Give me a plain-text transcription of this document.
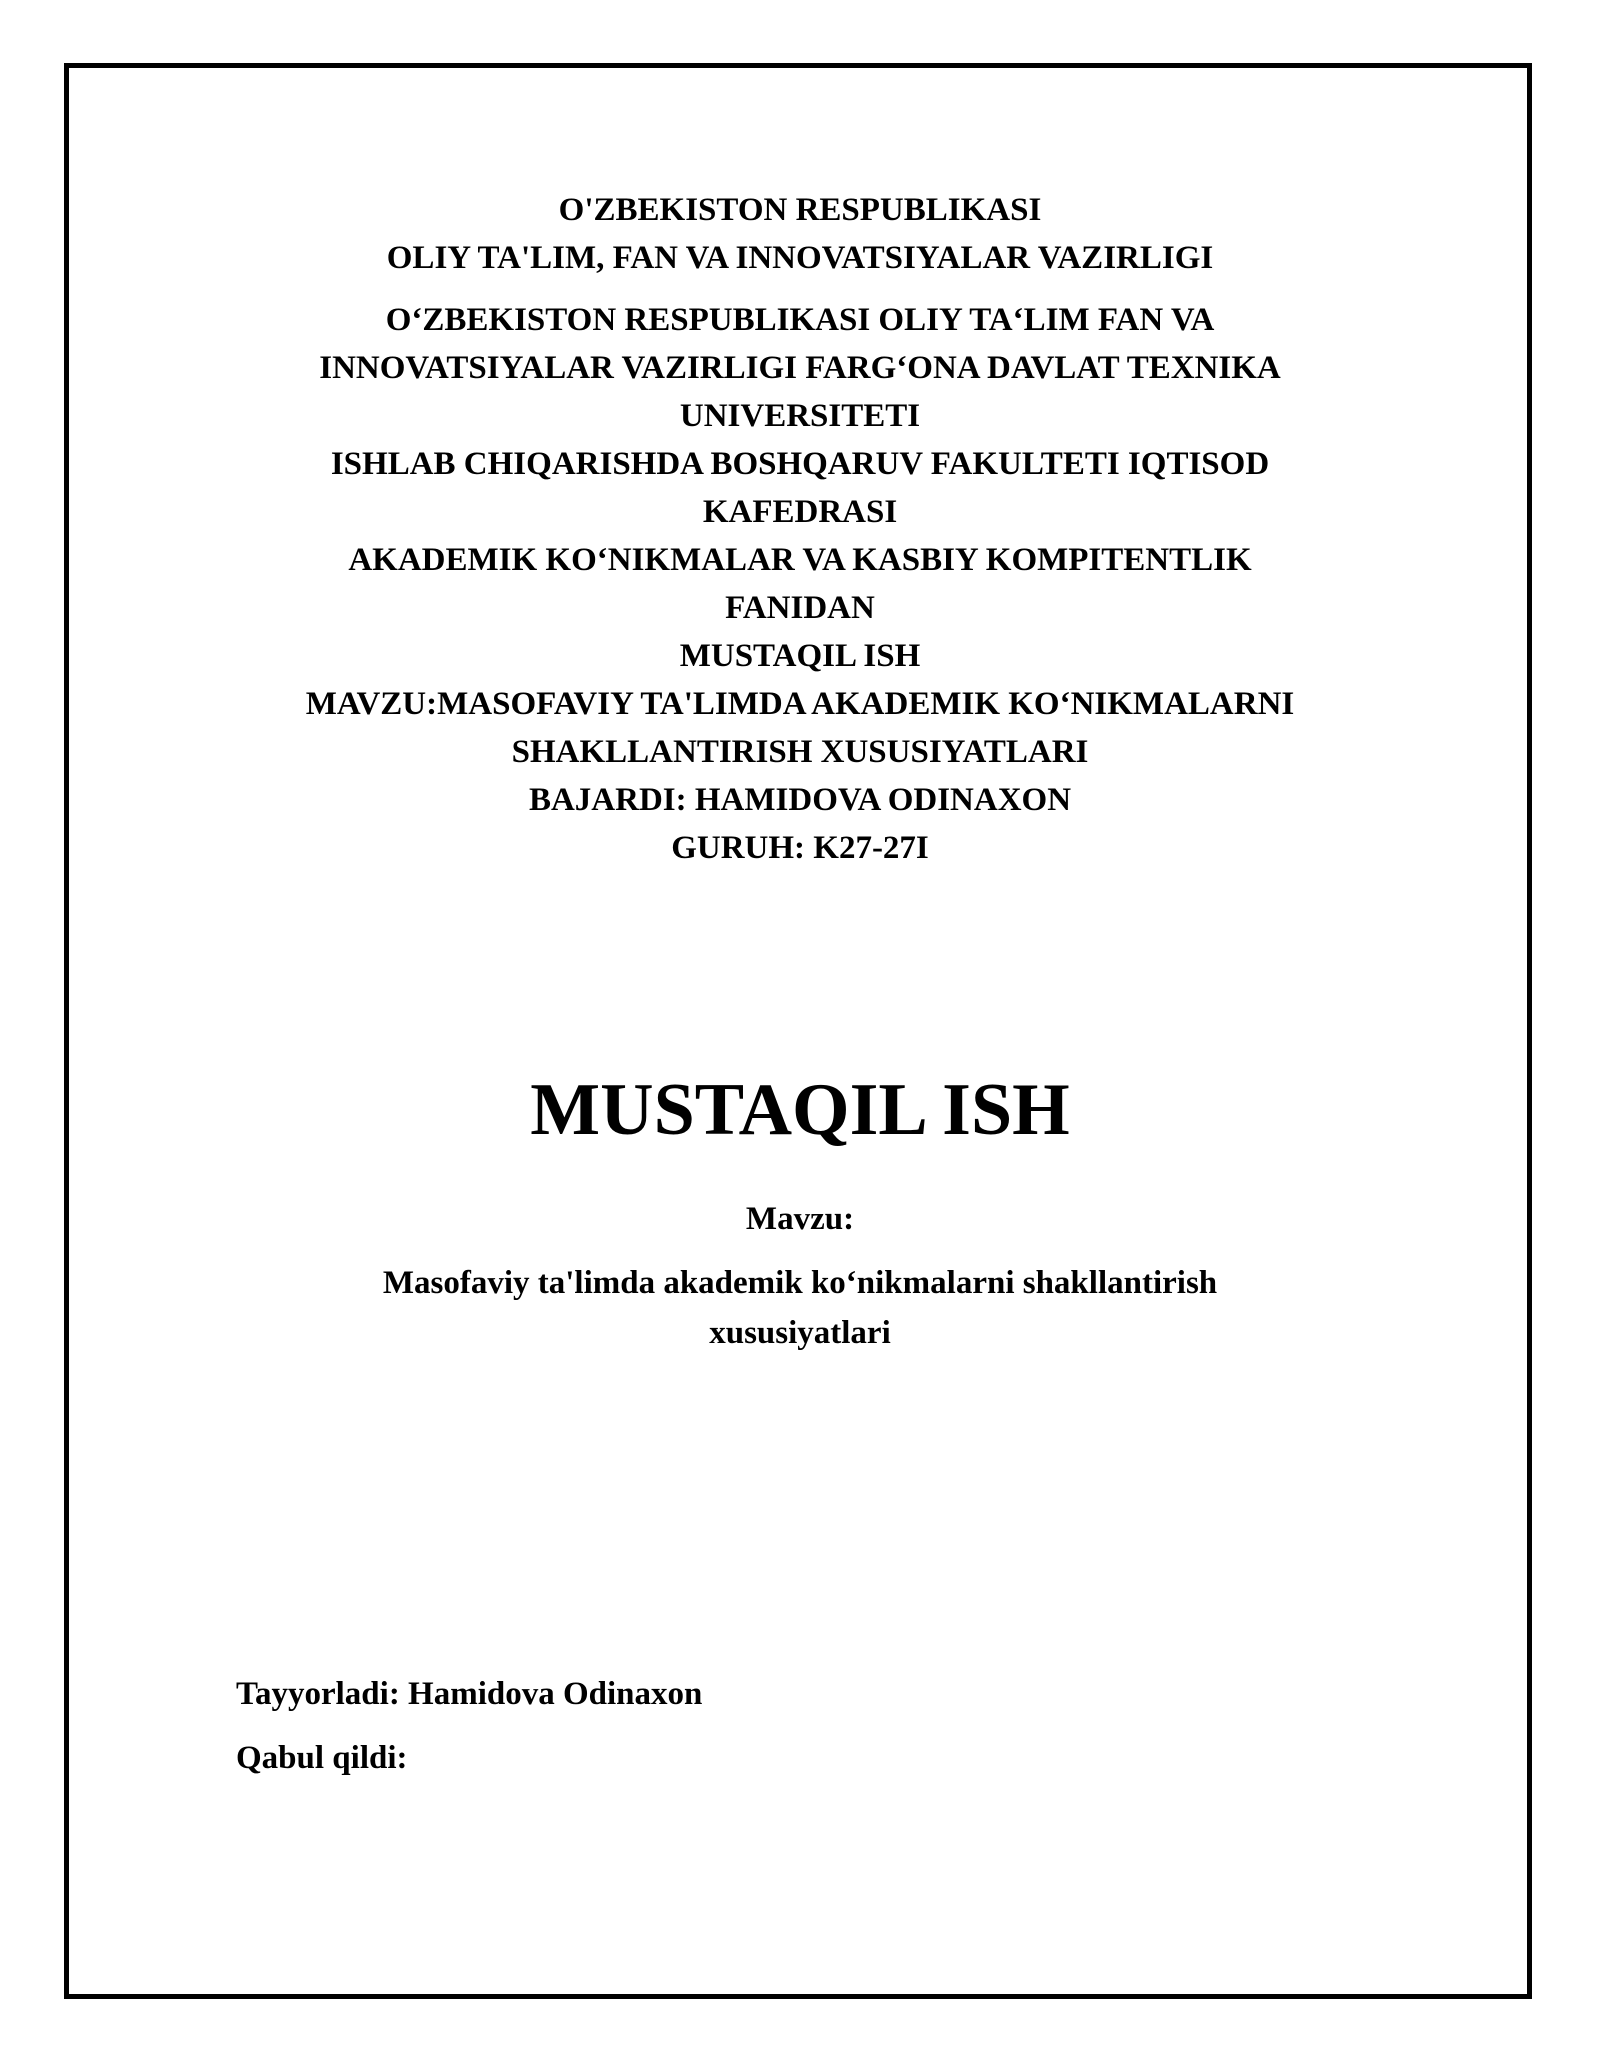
O'ZBEKISTON RESPUBLIKASI
OLIY TA'LIM, FAN VA INNOVATSIYALAR VAZIRLIGI
O‘ZBEKISTON RESPUBLIKASI OLIY TA‘LIM FAN VA
INNOVATSIYALAR VAZIRLIGI FARG‘ONA DAVLAT TEXNIKA
UNIVERSITETI
ISHLAB CHIQARISHDA BOSHQARUV FAKULTETI IQTISOD
KAFEDRASI
AKADEMIK KO‘NIKMALAR VA KASBIY KOMPITENTLIK
FANIDAN
MUSTAQIL ISH
MAVZU:MASOFAVIY TA'LIMDA AKADEMIK KO‘NIKMALARNI
SHAKLLANTIRISH XUSUSIYATLARI
BAJARDI: HAMIDOVA ODINAXON
GURUH: K27-27I
MUSTAQIL ISH
Mavzu:
Masofaviy ta'limda akademik ko‘nikmalarni shakllantirish
xususiyatlari
Tayyorladi: Hamidova Odinaxon
Qabul qildi:
